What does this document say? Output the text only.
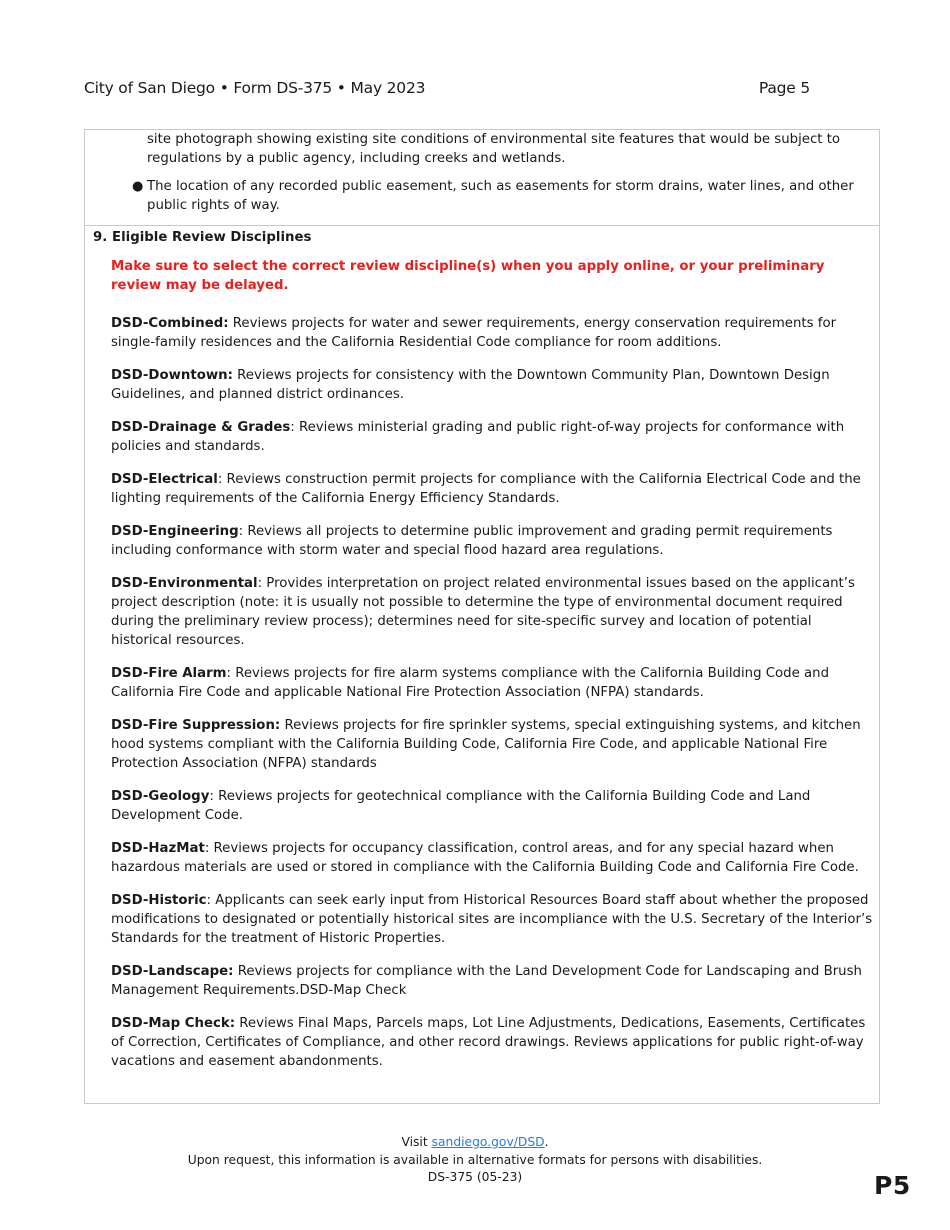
City of San Diego • Form DS-375 • May 2023	Page 5
site photograph showing existing site conditions of environmental site features that would be subject to regulations by a public agency, including creeks and wetlands.
● The location of any recorded public easement, such as easements for storm drains, water lines, and other public rights of way.
9. Eligible Review Disciplines
Make sure to select the correct review discipline(s) when you apply online, or your preliminary review may be delayed.

DSD-Combined: Reviews projects for water and sewer requirements, energy conservation requirements for single-family residences and the California Residential Code compliance for room additions.

DSD-Downtown: Reviews projects for consistency with the Downtown Community Plan, Downtown Design Guidelines, and planned district ordinances.

DSD-Drainage & Grades: Reviews ministerial grading and public right-of-way projects for conformance with policies and standards.

DSD-Electrical: Reviews construction permit projects for compliance with the California Electrical Code and the lighting requirements of the California Energy Efficiency Standards.

DSD-Engineering: Reviews all projects to determine public improvement and grading permit requirements including conformance with storm water and special flood hazard area regulations.

DSD-Environmental: Provides interpretation on project related environmental issues based on the applicant’s project description (note: it is usually not possible to determine the type of environmental document required during the preliminary review process); determines need for site-specific survey and location of potential historical resources.

DSD-Fire Alarm: Reviews projects for fire alarm systems compliance with the California Building Code and California Fire Code and applicable National Fire Protection Association (NFPA) standards.

DSD-Fire Suppression: Reviews projects for fire sprinkler systems, special extinguishing systems, and kitchen hood systems compliant with the California Building Code, California Fire Code, and applicable National Fire Protection Association (NFPA) standards

DSD-Geology: Reviews projects for geotechnical compliance with the California Building Code and Land Development Code.

DSD-HazMat: Reviews projects for occupancy classification, control areas, and for any special hazard when hazardous materials are used or stored in compliance with the California Building Code and California Fire Code.

DSD-Historic: Applicants can seek early input from Historical Resources Board staff about whether the proposed modifications to designated or potentially historical sites are incompliance with the U.S. Secretary of the Interior’s Standards for the treatment of Historic Properties.

DSD-Landscape: Reviews projects for compliance with the Land Development Code for Landscaping and Brush Management Requirements.DSD-Map Check

DSD-Map Check: Reviews Final Maps, Parcels maps, Lot Line Adjustments, Dedications, Easements, Certificates of Correction, Certificates of Compliance, and other record drawings. Reviews applications for public right-of-way vacations and easement abandonments.

Visit sandiego.gov/DSD.
Upon request, this information is available in alternative formats for persons with disabilities.
DS-375 (05-23)	P5
